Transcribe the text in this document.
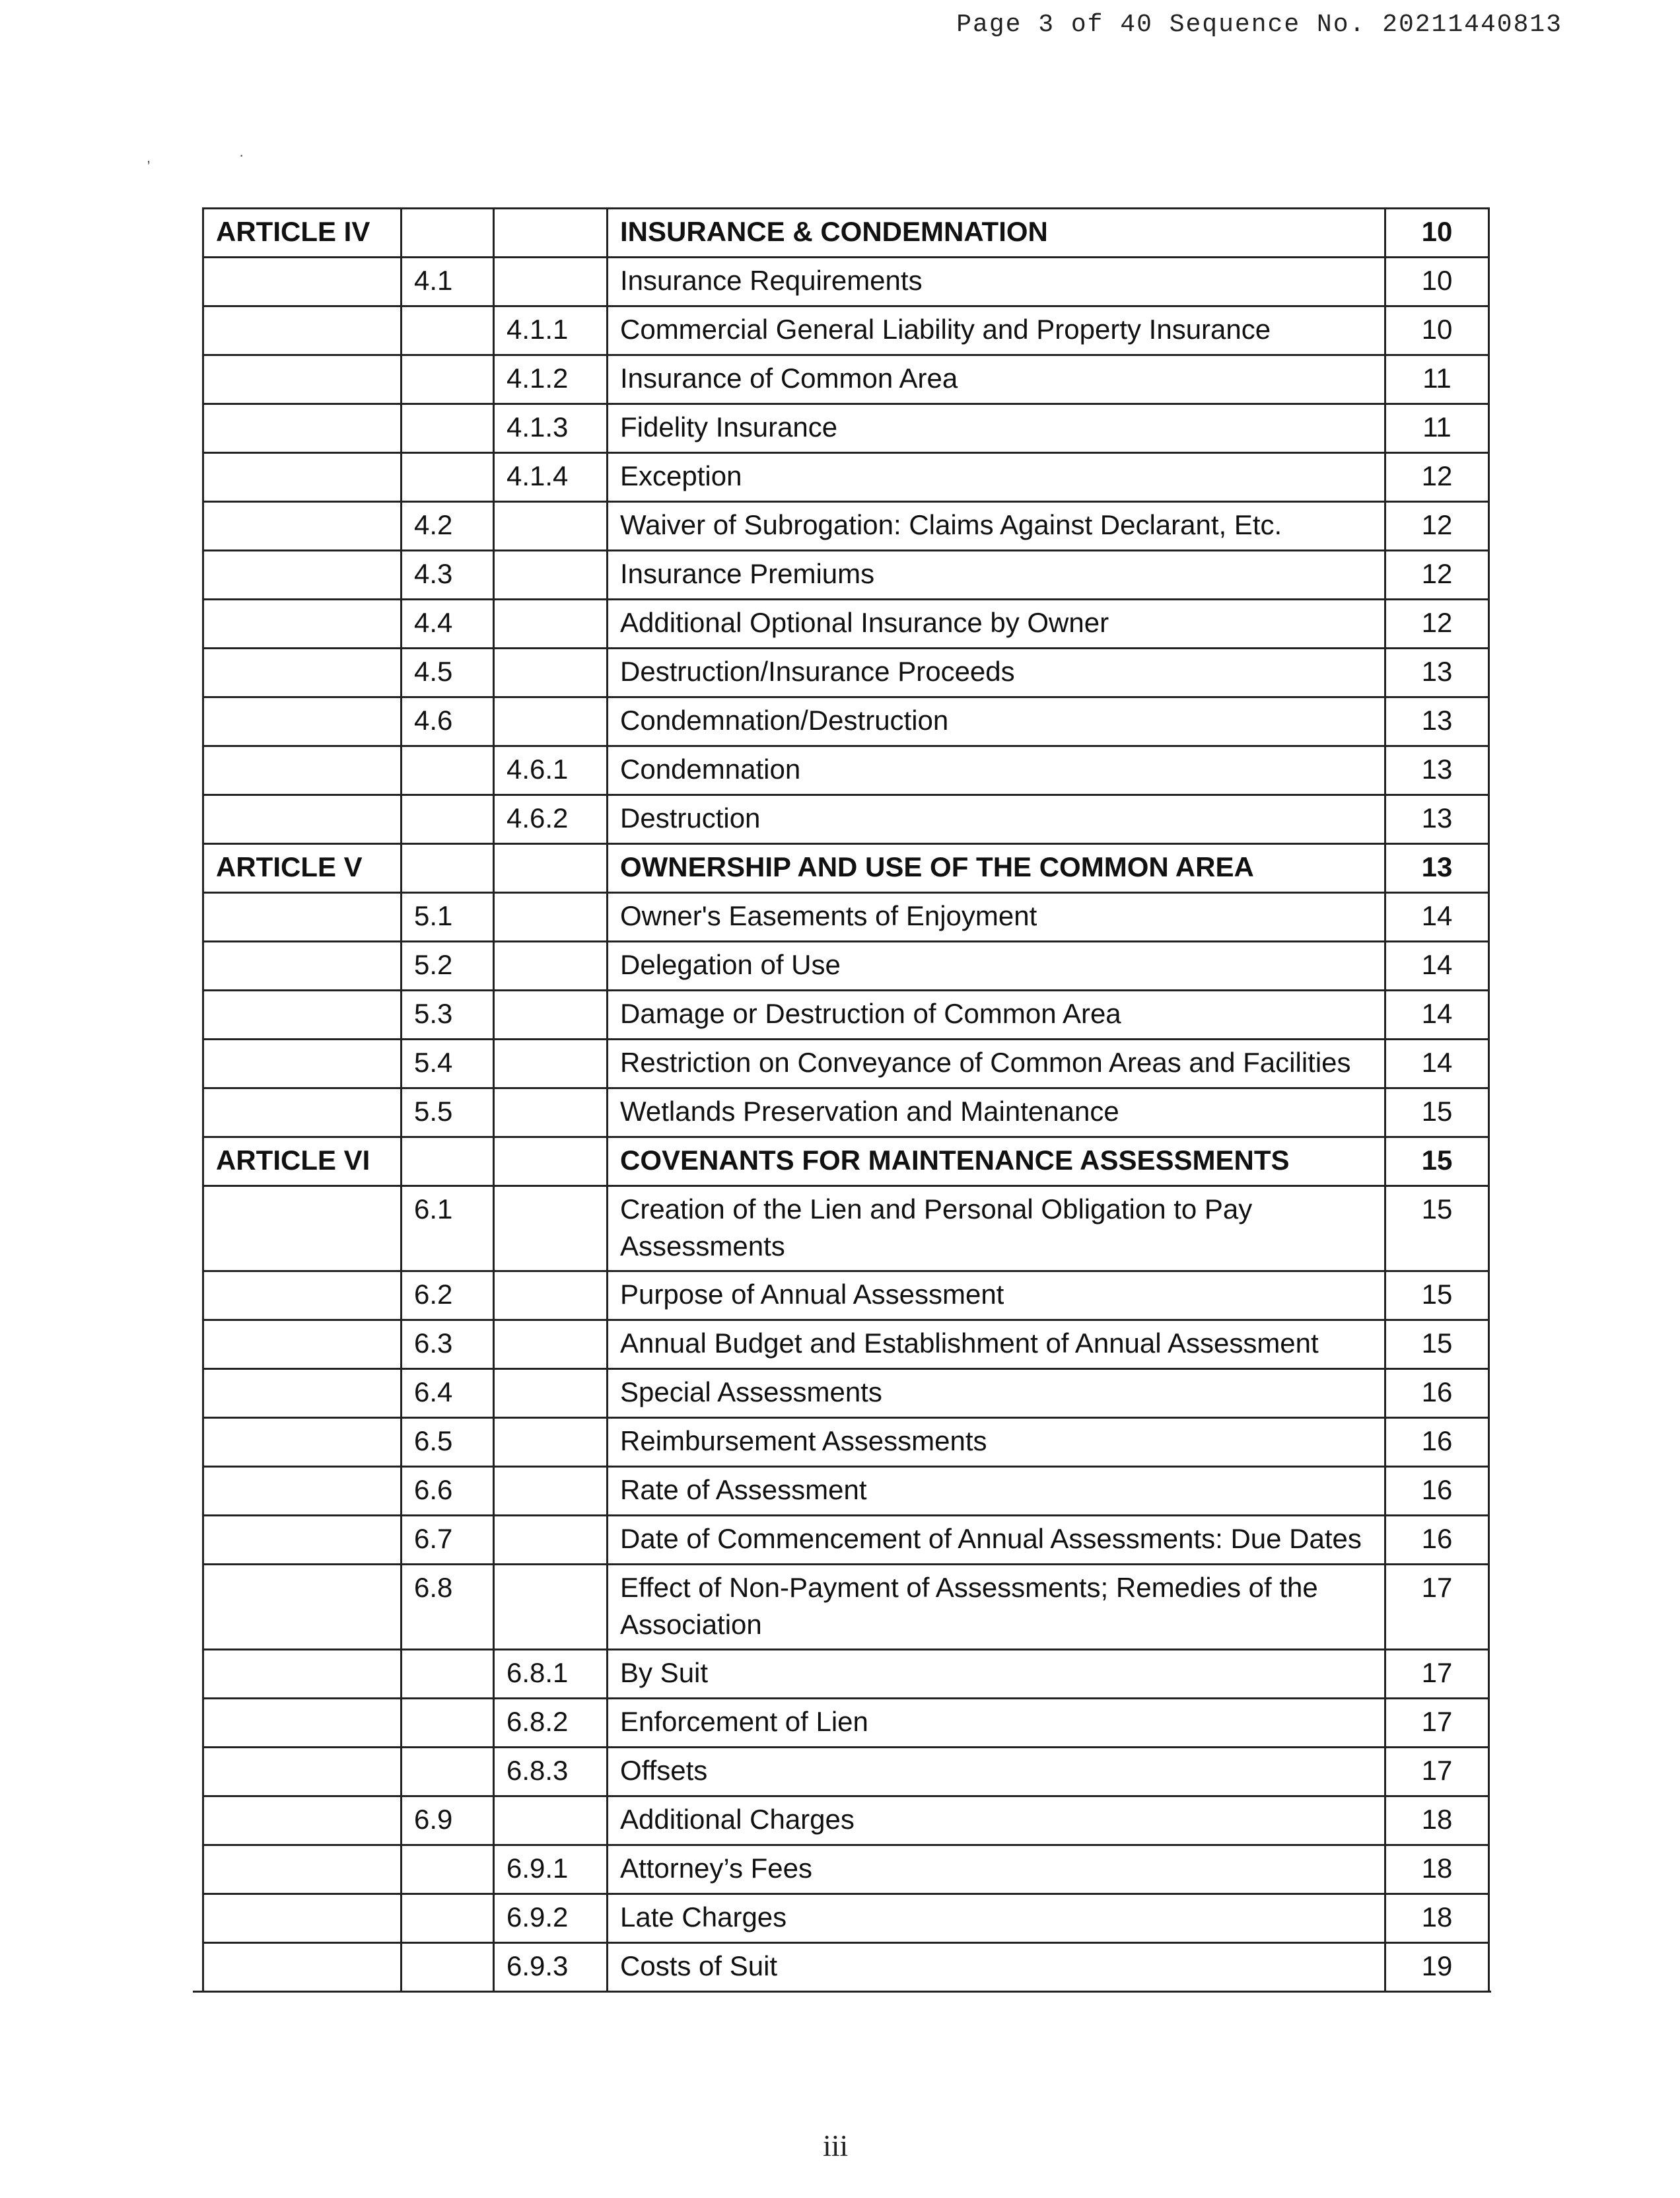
Page 3 of 40 Sequence No. 20211440813
,	·
ARTICLE IV	INSURANCE & CONDEMNATION	10
4.1	Insurance Requirements	10
4.1.1	Commercial General Liability and Property Insurance	10
4.1.2	Insurance of Common Area	11
4.1.3	Fidelity Insurance	11
4.1.4	Exception	12
4.2	Waiver of Subrogation: Claims Against Declarant, Etc.	12
4.3	Insurance Premiums	12
4.4	Additional Optional Insurance by Owner	12
4.5	Destruction/Insurance Proceeds	13
4.6	Condemnation/Destruction	13
4.6.1	Condemnation	13
4.6.2	Destruction	13
ARTICLE V	OWNERSHIP AND USE OF THE COMMON AREA	13
5.1	Owner's Easements of Enjoyment	14
5.2	Delegation of Use	14
5.3	Damage or Destruction of Common Area	14
5.4	Restriction on Conveyance of Common Areas and Facilities	14
5.5	Wetlands Preservation and Maintenance	15
ARTICLE VI	COVENANTS FOR MAINTENANCE ASSESSMENTS	15
6.1	Creation of the Lien and Personal Obligation to Pay Assessments
15
6.2	Purpose of Annual Assessment	15
6.3	Annual Budget and Establishment of Annual Assessment	15
6.4	Special Assessments	16
6.5	Reimbursement Assessments	16
6.6	Rate of Assessment	16
6.7	Date of Commencement of Annual Assessments: Due Dates	16
6.8	Effect of Non-Payment of Assessments; Remedies of the Association
17
6.8.1	By Suit	17
6.8.2	Enforcement of Lien	17
6.8.3	Offsets	17
6.9	Additional Charges	18
6.9.1	Attorney’s Fees	18
6.9.2	Late Charges	18
6.9.3	Costs of Suit	19
iii
